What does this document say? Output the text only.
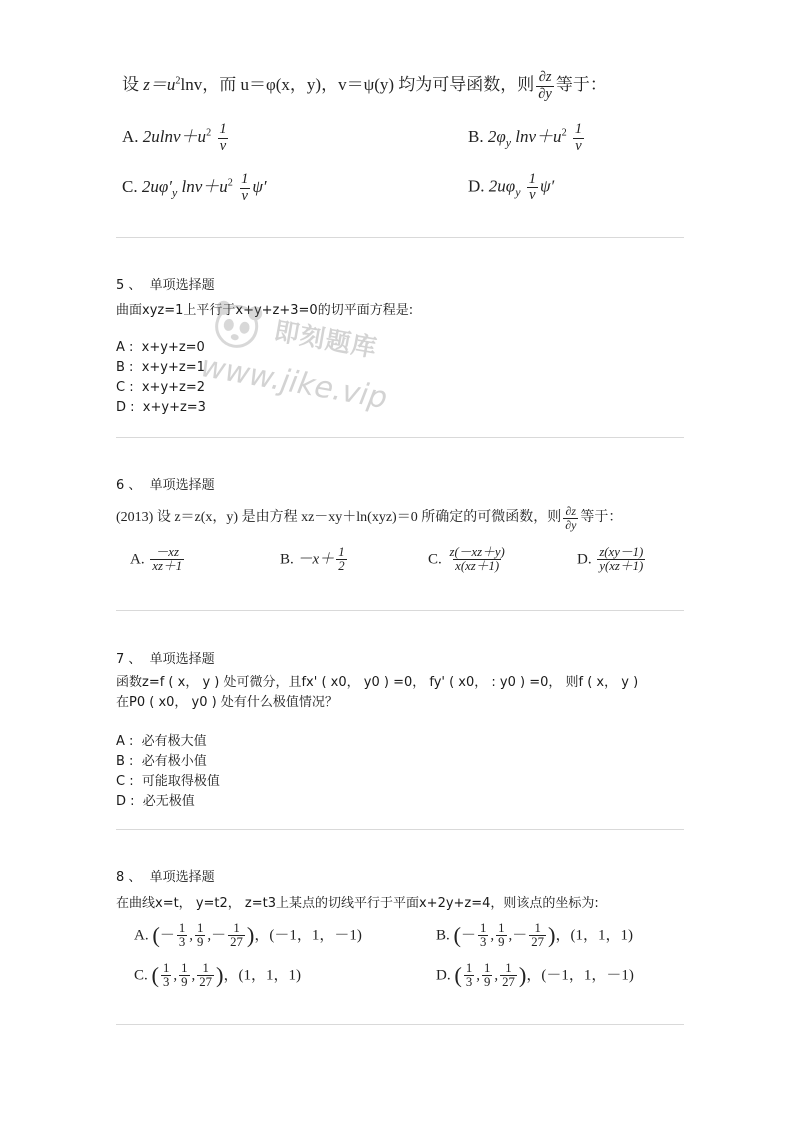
设 $z=u^2\ln v$，而 u＝φ(x，y)，v＝ψ(y) 均为可导函数，则 $\frac{\partial z}{\partial y}$ 等于：
A. $2ulnv+u^2 \frac{1}{v}$	B. $2\varphi_y$ $\ln v+u^2 \frac{1}{v}$
C. $2u\varphi'_y$ $\ln v+u^2 \frac{1}{v} \psi'$	D. $2u\varphi_y \frac{1}{v} \psi'$
5 、 单项选择题
曲面xyz=1上平行于x+y+z+3=0的切平面方程是:
A : x+y+z=0
B : x+y+z=1
C : x+y+z=2
D : x+y+z=3
即刻题库
www.jike.vip
6 、 单项选择题
(2013) 设 z＝z(x，y) 是由方程 xz－xy＋ln(xyz)＝0 所确定的可微函数，则 $\frac{\partial z}{\partial y}$ 等于：
A. $\frac{-xz}{xz+1}$	B. $-x+ \frac{1}{2}$	C. $\frac{z(-xz+y)}{x(xz+1)}$	D. $\frac{z(xy-1)}{y(xz+1)}$
7 、 单项选择题
函数z=f ( x， y ) 处可微分，且fx' ( x0， y0 ) =0， fy' ( x0， : y0 ) =0， 则f ( x， y )
在P0 ( x0， y0 ) 处有什么极值情况？
A : 必有极大值
B : 必有极小值
C : 可能取得极值
D : 必无极值
8 、 单项选择题
在曲线x=t， y=t2， z=t3上某点的切线平行于平面x+2y+z=4，则该点的坐标为:
A. (－ $\frac{1}{3}$ , $\frac{1}{9}$ ,－ $\frac{1}{27}$ )，(－1，1，－1)	B. (－ $\frac{1}{3}$ , $\frac{1}{9}$ ,－ $\frac{1}{27}$ )，(1，1，1)
C. ( $\frac{1}{3}$ , $\frac{1}{9}$ , $\frac{1}{27}$ )，(1，1，1)	D. ( $\frac{1}{3}$ , $\frac{1}{9}$ , $\frac{1}{27}$ )，(－1，1，－1)
